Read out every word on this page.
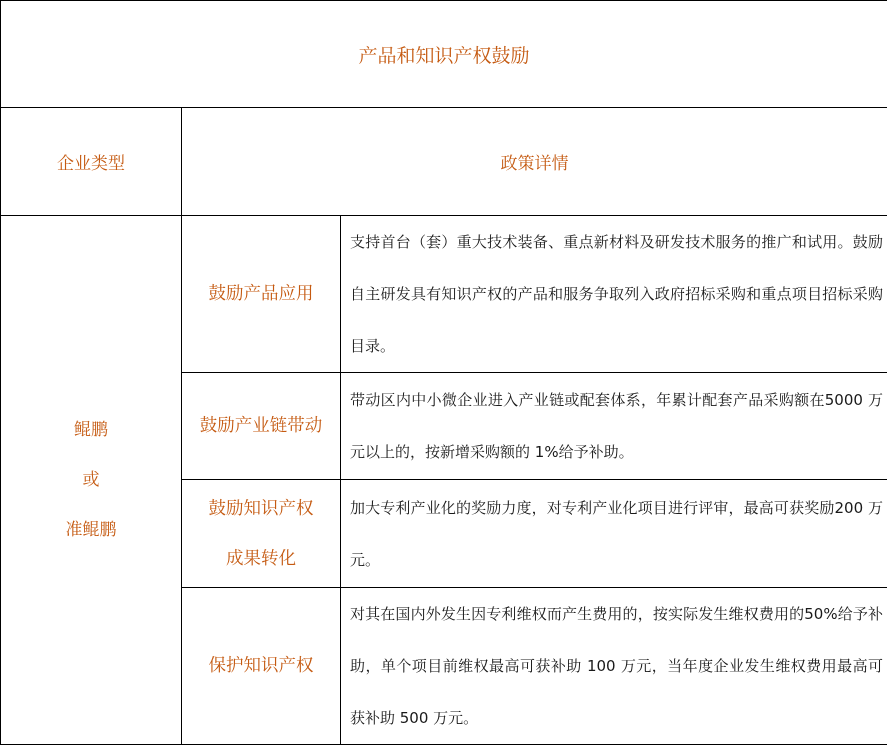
产品和知识产权鼓励		
企业类型	政策详情	

鲲鹏
或
准鲲鹏	鼓励产品应用	支持首台（套）重大技术装备、重点新材料及研发技术服务的推广和试用。鼓励自主研发具有知识产权的产品和服务争取列入政府招标采购和重点项目招标采购目录。
	鼓励产业链带动	带动区内中小微企业进入产业链或配套体系，年累计配套产品采购额在5000 万元以上的，按新增采购额的 1%给予补助。

	鼓励知识产权
成果转化	加大专利产业化的奖励力度，对专利产业化项目进行评审，最高可获奖励200 万元。
	保护知识产权	对其在国内外发生因专利维权而产生费用的，按实际发生维权费用的50%给予补助，单个项目前维权最高可获补助 100 万元，当年度企业发生维权费用最高可获补助 500 万元。
